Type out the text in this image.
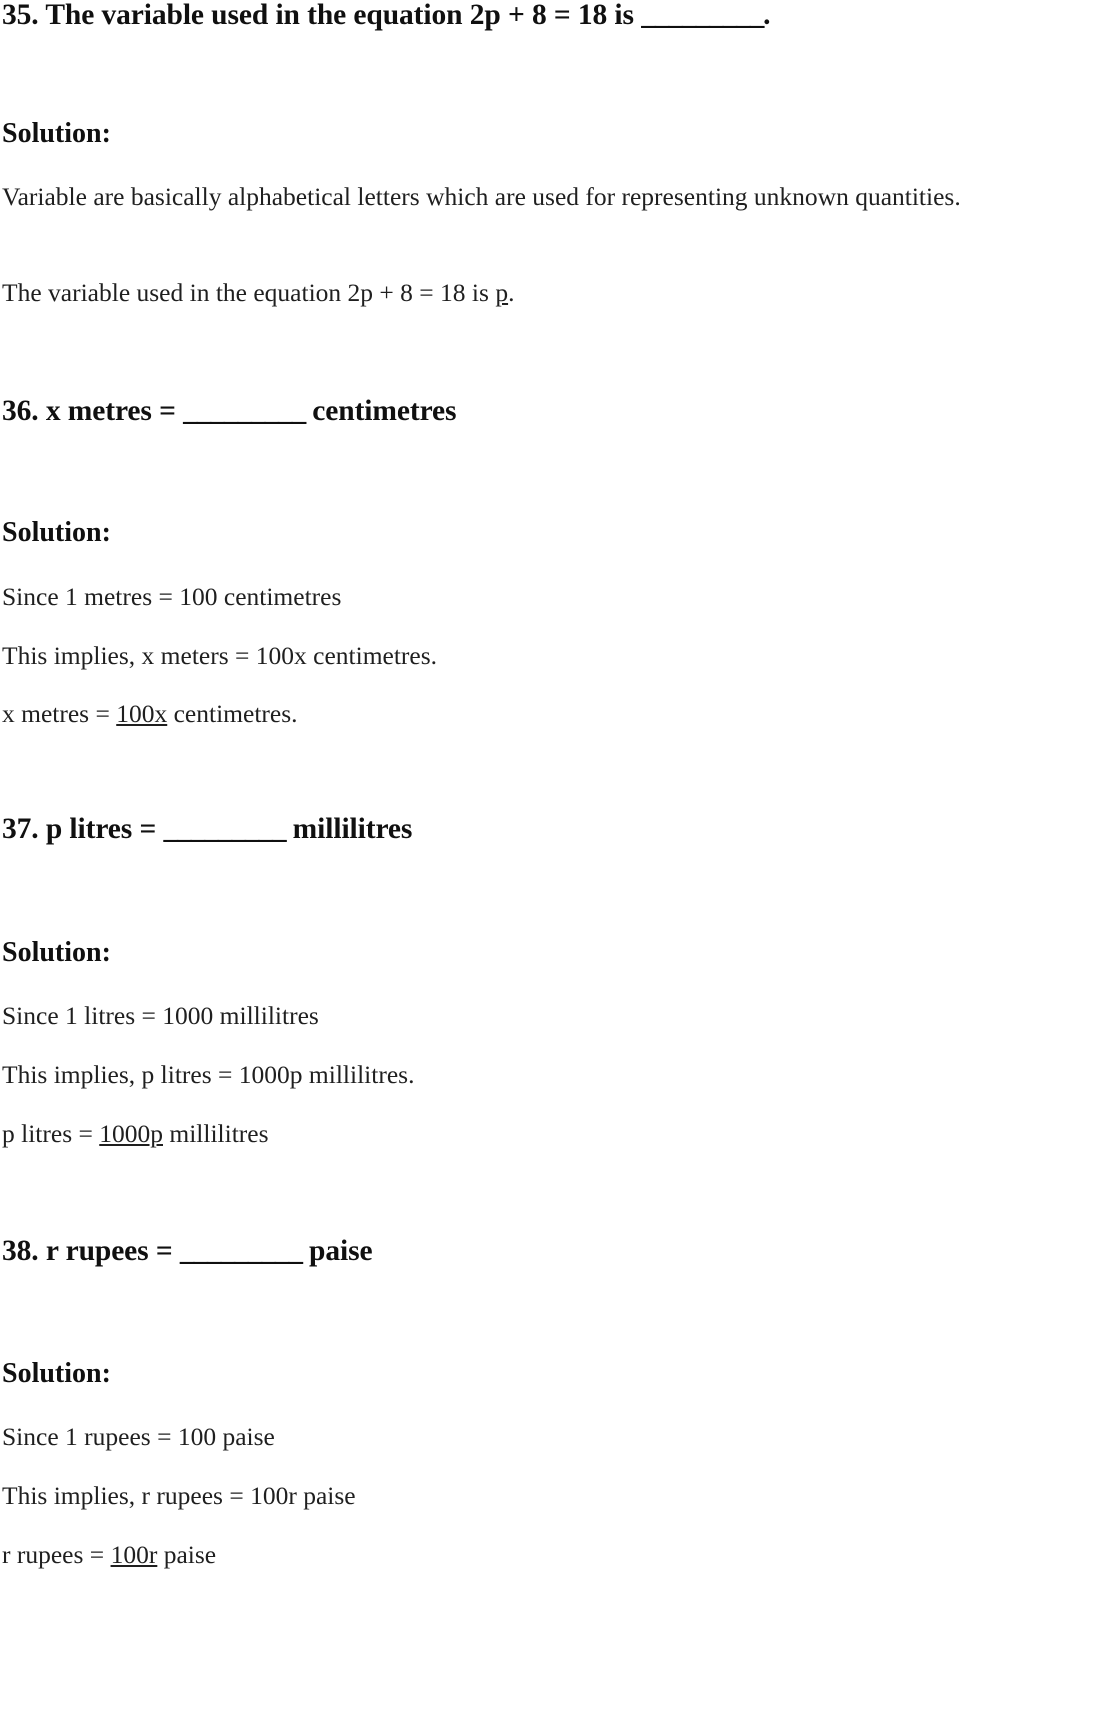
35. The variable used in the equation 2p + 8 = 18 is _________.
Solution:
Variable are basically alphabetical letters which are used for representing unknown quantities.
The variable used in the equation 2p + 8 = 18 is p.
36. x metres = _________ centimetres
Solution:
Since 1 metres = 100 centimetres
This implies, x meters = 100x centimetres.
x metres = 100x centimetres.
37. p litres = _________ millilitres
Solution:
Since 1 litres = 1000 millilitres
This implies, p litres = 1000p millilitres.
p litres = 1000p millilitres
38. r rupees = _________ paise
Solution:
Since 1 rupees = 100 paise
This implies, r rupees = 100r paise
r rupees = 100r paise
